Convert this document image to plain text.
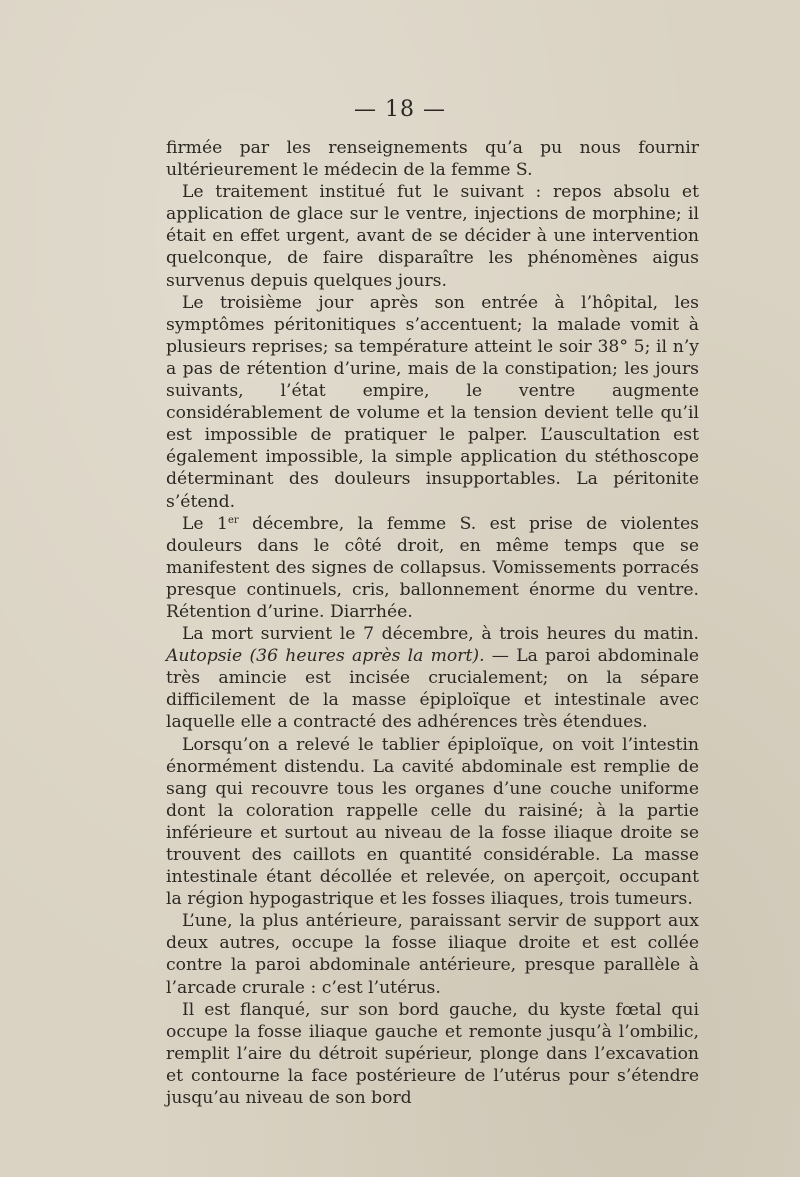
— 18 —

firmée par les renseignements qu’a pu nous fournir ultérieurement le médecin de la femme S.

Le traitement institué fut le suivant : repos absolu et application de glace sur le ventre, injections de morphine; il était en effet urgent, avant de se décider à une intervention quelconque, de faire disparaître les phénomènes aigus survenus depuis quelques jours.

Le troisième jour après son entrée à l’hôpital, les symptômes péritonitiques s’accentuent; la malade vomit à plusieurs reprises; sa température atteint le soir 38° 5; il n’y a pas de rétention d’urine, mais de la constipation; les jours suivants, l’état empire, le ventre augmente considérablement de volume et la tension devient telle qu’il est impossible de pratiquer le palper. L’auscultation est également impossible, la simple application du stéthoscope déterminant des douleurs insupportables. La péritonite s’étend.

Le 1er décembre, la femme S. est prise de violentes douleurs dans le côté droit, en même temps que se manifestent des signes de collapsus. Vomissements porracés presque continuels, cris, ballonnement énorme du ventre. Rétention d’urine. Diarrhée.

La mort survient le 7 décembre, à trois heures du matin. Autopsie (36 heures après la mort). — La paroi abdominale très amincie est incisée crucialement; on la sépare difficilement de la masse épiploïque et intestinale avec laquelle elle a contracté des adhérences très étendues.

Lorsqu’on a relevé le tablier épiploïque, on voit l’intestin énormément distendu. La cavité abdominale est remplie de sang qui recouvre tous les organes d’une couche uniforme dont la coloration rappelle celle du raisiné; à la partie inférieure et surtout au niveau de la fosse iliaque droite se trouvent des caillots en quantité considérable. La masse intestinale étant décollée et relevée, on aperçoit, occupant la région hypogastrique et les fosses iliaques, trois tumeurs.

L’une, la plus antérieure, paraissant servir de support aux deux autres, occupe la fosse iliaque droite et est collée contre la paroi abdominale antérieure, presque parallèle à l’arcade crurale : c’est l’utérus.

Il est flanqué, sur son bord gauche, du kyste fœtal qui occupe la fosse iliaque gauche et remonte jusqu’à l’ombilic, remplit l’aire du détroit supérieur, plonge dans l’excavation et contourne la face postérieure de l’utérus pour s’étendre jusqu’au niveau de son bord
